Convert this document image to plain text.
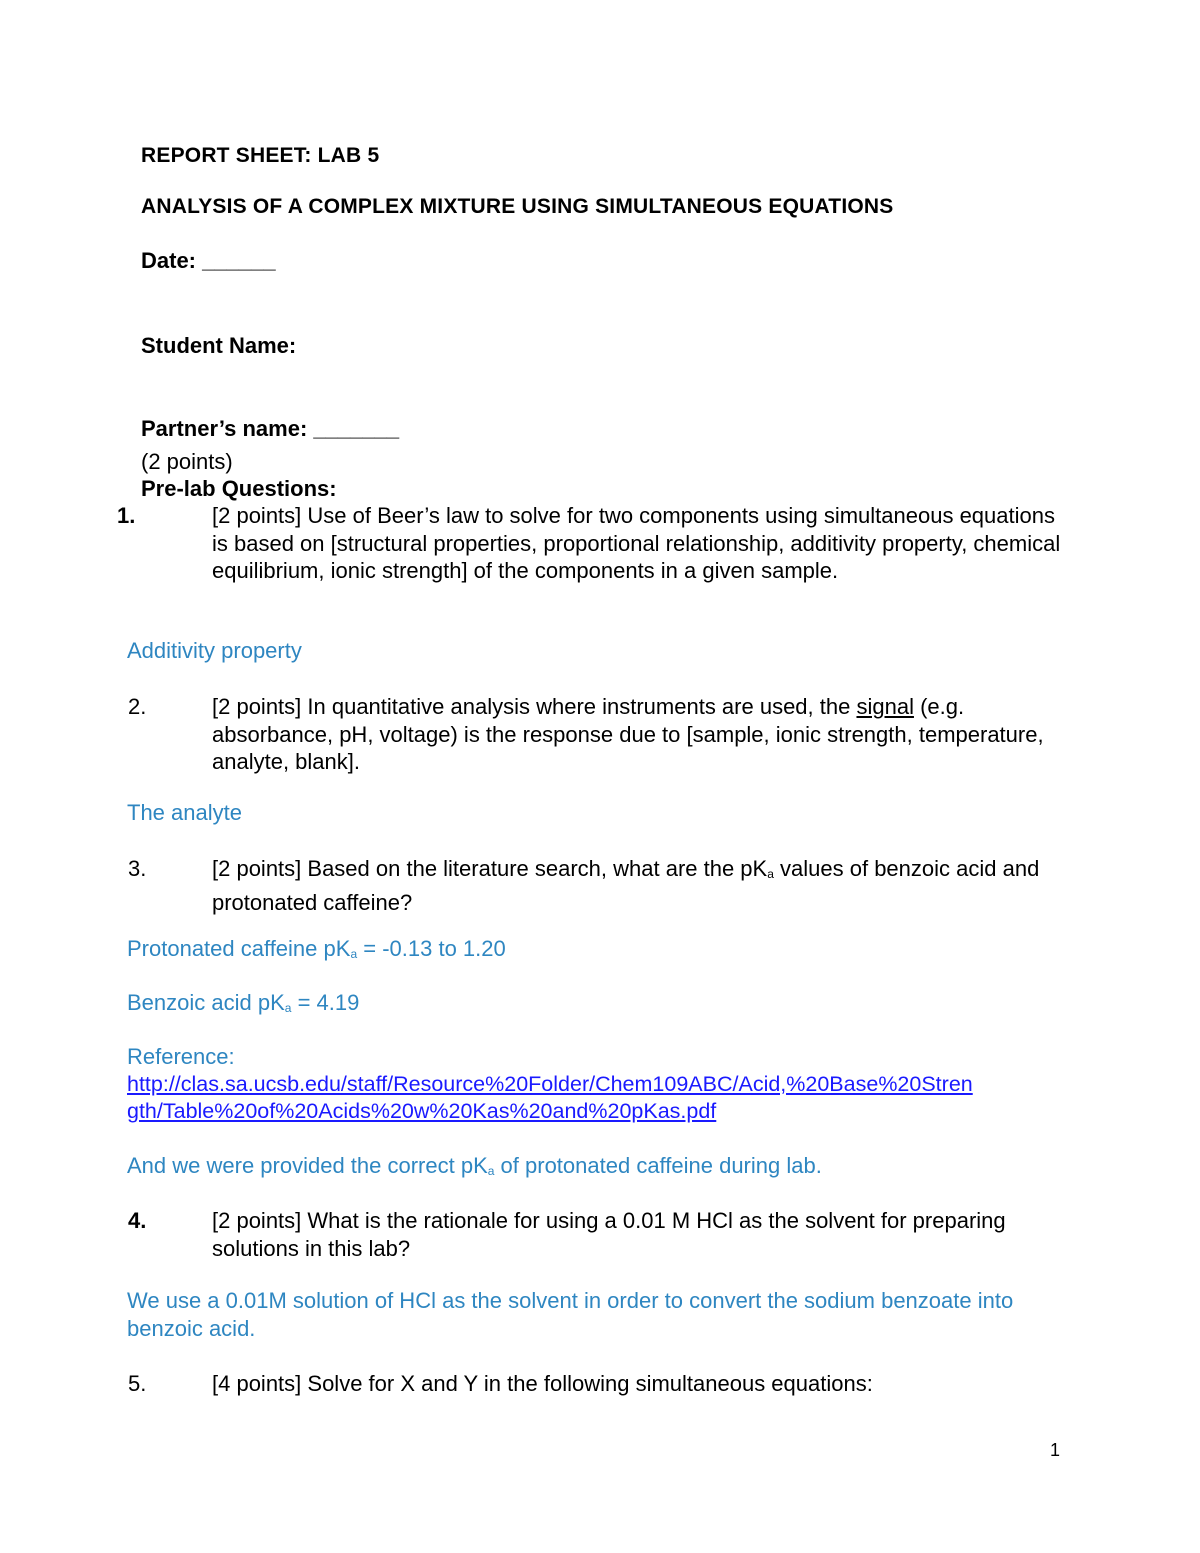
REPORT SHEET: LAB 5
ANALYSIS OF A COMPLEX MIXTURE USING SIMULTANEOUS EQUATIONS
Date: ______
Student Name:
Partner’s name: _______
(2 points)
Pre-lab Questions:
1.	[2 points] Use of Beer’s law to solve for two components using simultaneous equations is based on [structural properties, proportional relationship, additivity property, chemical equilibrium, ionic strength] of the components in a given sample.
Additivity property
2.	[2 points] In quantitative analysis where instruments are used, the signal (e.g. absorbance, pH, voltage) is the response due to [sample, ionic strength, temperature, analyte, blank].
The analyte
3.	[2 points] Based on the literature search, what are the $pK_a$ values of benzoic acid and protonated caffeine?
Protonated caffeine $pK_a = -0.13$ to 1.20
Benzoic acid $pK_a = 4.19$
Reference:
http://clas.sa.ucsb.edu/staff/Resource%20Folder/Chem109ABC/Acid,%20Base%20Stren
gth/Table%20of%20Acids%20w%20Kas%20and%20pKas.pdf
And we were provided the correct $pK_a$ of protonated caffeine during lab.
4.	[2 points] What is the rationale for using a 0.01 M HCl as the solvent for preparing solutions in this lab?
We use a 0.01M solution of HCl as the solvent in order to convert the sodium benzoate into benzoic acid.
5.	[4 points] Solve for X and Y in the following simultaneous equations:
1
